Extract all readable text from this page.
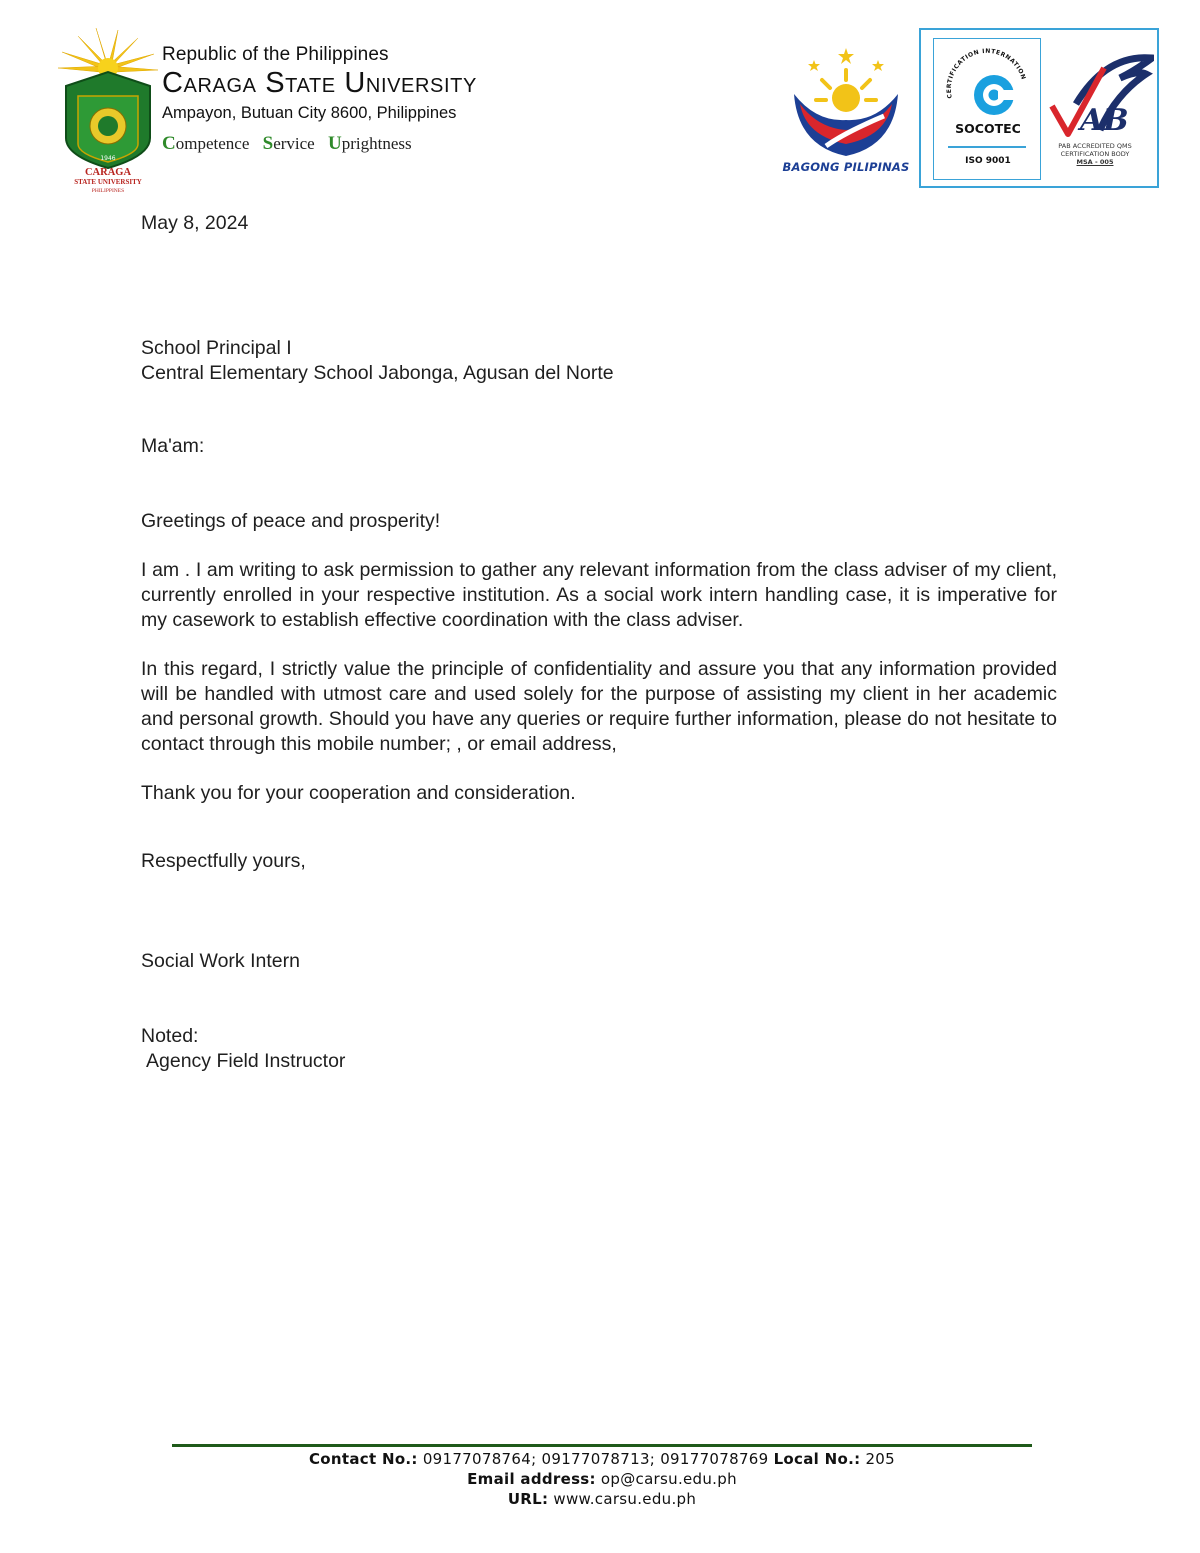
1946
CARAGA
STATE UNIVERSITY
PHILIPPINES
Republic of the Philippines
Caraga State University
Ampayon, Butuan City 8600, Philippines
Competence Service Uprightness
BAGONG PILIPINAS
CERTIFICATION INTERNATION
SOCOTEC
ISO 9001
AB
PAB ACCREDITED QMS
CERTIFICATION BODY
MSA - 005
May 8, 2024
School Principal I
Central Elementary School Jabonga, Agusan del Norte
Ma'am:
Greetings of peace and prosperity!
I am . I am writing to ask permission to gather any relevant information from the class adviser of my client, currently enrolled in your respective institution. As a social work intern handling case, it is imperative for my casework to establish effective coordination with the class adviser.
In this regard, I strictly value the principle of confidentiality and assure you that any information provided will be handled with utmost care and used solely for the purpose of assisting my client in her academic and personal growth. Should you have any queries or require further information, please do not hesitate to contact through this mobile number; , or email address,
Thank you for your cooperation and consideration.
Respectfully yours,
Social Work Intern
Noted:
Agency Field Instructor
Contact No.: 09177078764; 09177078713; 09177078769 Local No.: 205
Email address: op@carsu.edu.ph
URL: www.carsu.edu.ph
